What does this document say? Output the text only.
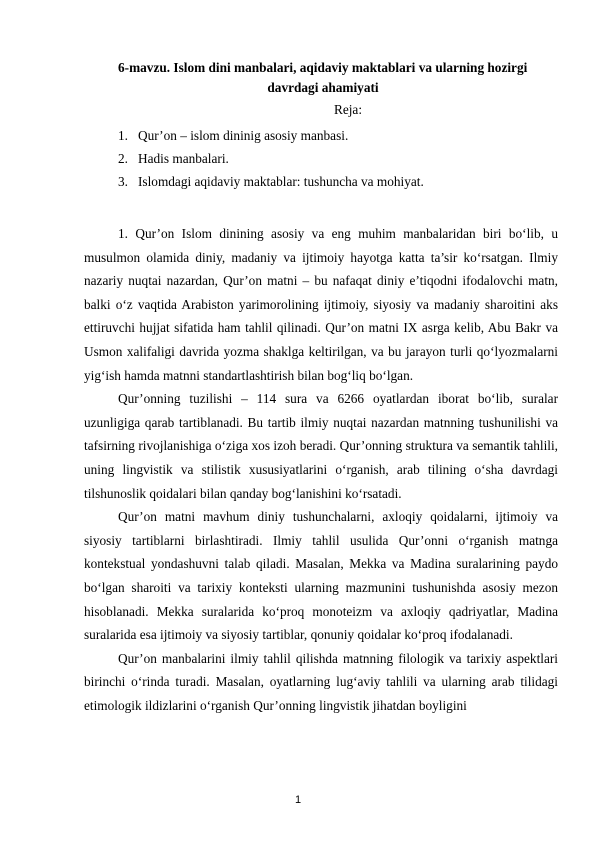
6-mavzu. Islom dini manbalari, aqidaviy maktablari va ularning hozirgi
davrdagi ahamiyati
Reja:
1. Qur’on – islom dininig asosiy manbasi.
2. Hadis manbalari.
3. Islomdagi aqidaviy maktablar: tushuncha va mohiyat.

1. Qur’on Islom dinining asosiy va eng muhim manbalaridan biri bo‘lib, u musulmon olamida diniy, madaniy va ijtimoiy hayotga katta ta’sir ko‘rsatgan. Ilmiy nazariy nuqtai nazardan, Qur’on matni – bu nafaqat diniy e’tiqodni ifodalovchi matn, balki o‘z vaqtida Arabiston yarimorolining ijtimoiy, siyosiy va madaniy sharoitini aks ettiruvchi hujjat sifatida ham tahlil qilinadi. Qur’on matni IX asrga kelib, Abu Bakr va Usmon xalifaligi davrida yozma shaklga keltirilgan, va bu jarayon turli qo‘lyozmalarni yig‘ish hamda matnni standartlashtirish bilan bog‘liq bo‘lgan.

Qur’onning tuzilishi – 114 sura va 6266 oyatlardan iborat bo‘lib, suralar uzunligiga qarab tartiblanadi. Bu tartib ilmiy nuqtai nazardan matnning tushunilishi va tafsirning rivojlanishiga o‘ziga xos izoh beradi. Qur’onning struktura va semantik tahlili, uning lingvistik va stilistik xususiyatlarini o‘rganish, arab tilining o‘sha davrdagi tilshunoslik qoidalari bilan qanday bog‘lanishini ko‘rsatadi.

Qur’on matni mavhum diniy tushunchalarni, axloqiy qoidalarni, ijtimoiy va siyosiy tartiblarni birlashtiradi. Ilmiy tahlil usulida Qur’onni o‘rganish matnga kontekstual yondashuvni talab qiladi. Masalan, Mekka va Madina suralarining paydo bo‘lgan sharoiti va tarixiy konteksti ularning mazmunini tushunishda asosiy mezon hisoblanadi. Mekka suralarida ko‘proq monoteizm va axloqiy qadriyatlar, Madina suralarida esa ijtimoiy va siyosiy tartiblar, qonuniy qoidalar ko‘proq ifodalanadi.

Qur’on manbalarini ilmiy tahlil qilishda matnning filologik va tarixiy aspektlari birinchi o‘rinda turadi. Masalan, oyatlarning lug‘aviy tahlili va ularning arab tilidagi etimologik ildizlarini o‘rganish Qur’onning lingvistik jihatdan boyligini

1
